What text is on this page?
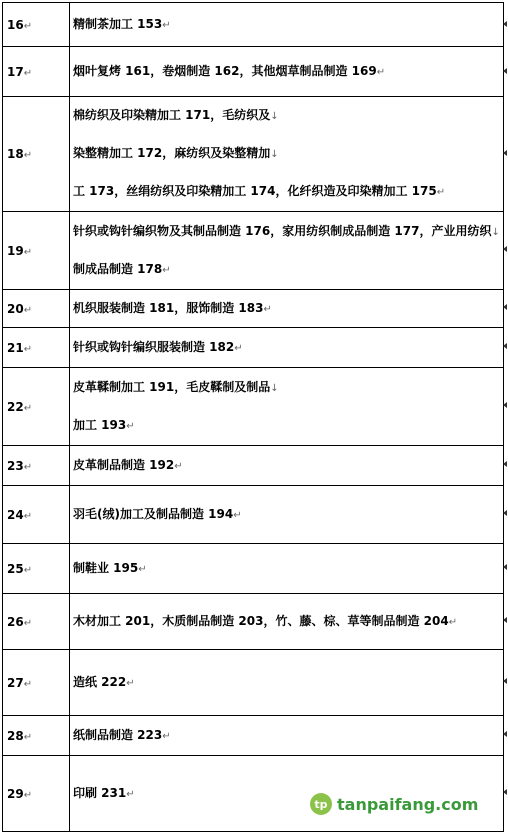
16↵	精制茶加工 153↵

17↵	烟叶复烤 161，卷烟制造 162，其他烟草制品制造 169↵

18↵	棉纺织及印染精加工 171，毛纺织及↓
染整精加工 172，麻纺织及染整精加↓
工 173，丝绢纺织及印染精加工 174，化纤织造及印染精加工 175↵

19↵	针织或钩针编织物及其制品制造 176，家用纺织制成品制造 177，产业用纺织↓
制成品制造 178↵

20↵	机织服装制造 181，服饰制造 183↵

21↵	针织或钩针编织服装制造 182↵

22↵	皮革鞣制加工 191，毛皮鞣制及制品↓
加工 193↵

23↵	皮革制品制造 192↵

24↵	羽毛(绒)加工及制品制造 194↵

25↵	制鞋业 195↵

26↵	木材加工 201，木质制品制造 203，竹、藤、棕、草等制品制造 204↵

27↵	造纸 222↵

28↵	纸制品制造 223↵

29↵	印刷 231↵
tp tanpaifang.com
